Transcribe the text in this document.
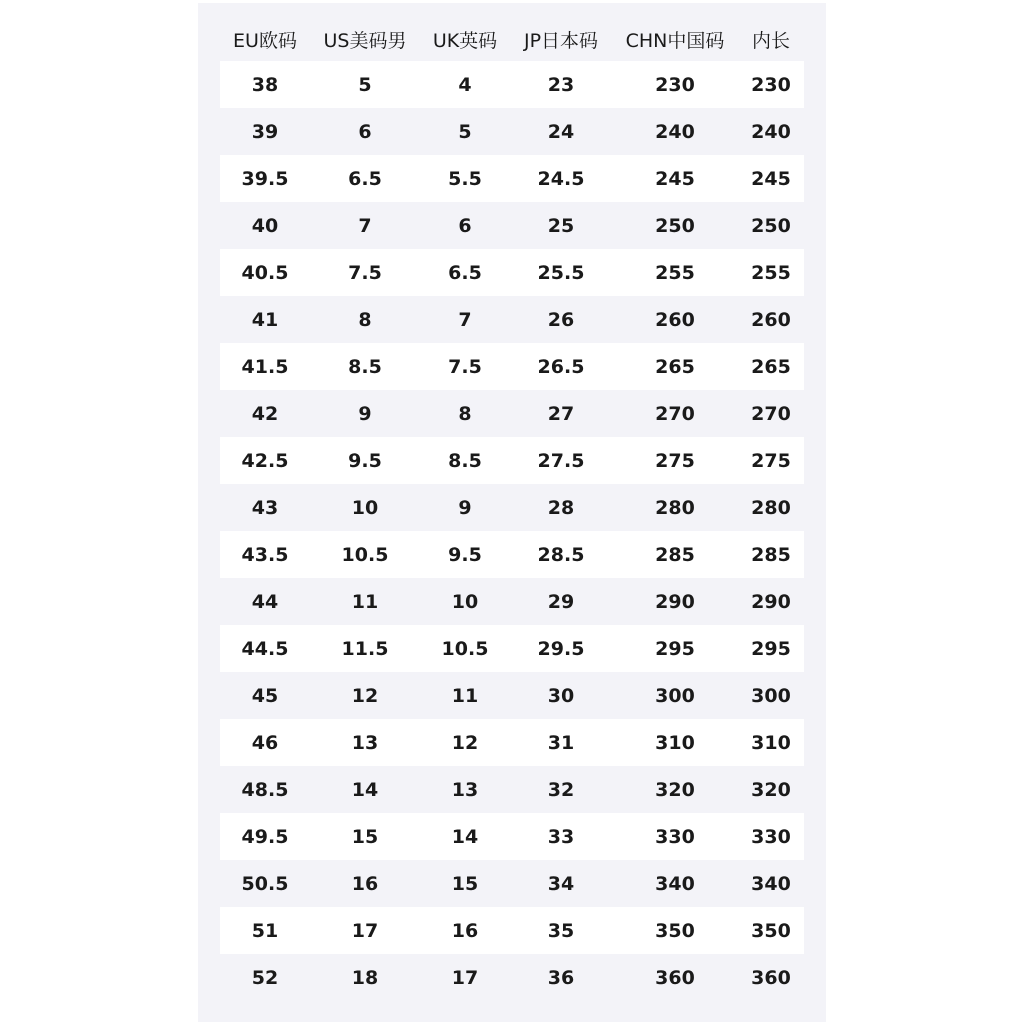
EU欧码	US美码男	UK英码	JP日本码	CHN中国码	内长
38	5	4	23	230	230
39	6	5	24	240	240
39.5	6.5	5.5	24.5	245	245
40	7	6	25	250	250
40.5	7.5	6.5	25.5	255	255
41	8	7	26	260	260
41.5	8.5	7.5	26.5	265	265
42	9	8	27	270	270
42.5	9.5	8.5	27.5	275	275
43	10	9	28	280	280
43.5	10.5	9.5	28.5	285	285
44	11	10	29	290	290
44.5	11.5	10.5	29.5	295	295
45	12	11	30	300	300
46	13	12	31	310	310
48.5	14	13	32	320	320
49.5	15	14	33	330	330
50.5	16	15	34	340	340
51	17	16	35	350	350
52	18	17	36	360	360
